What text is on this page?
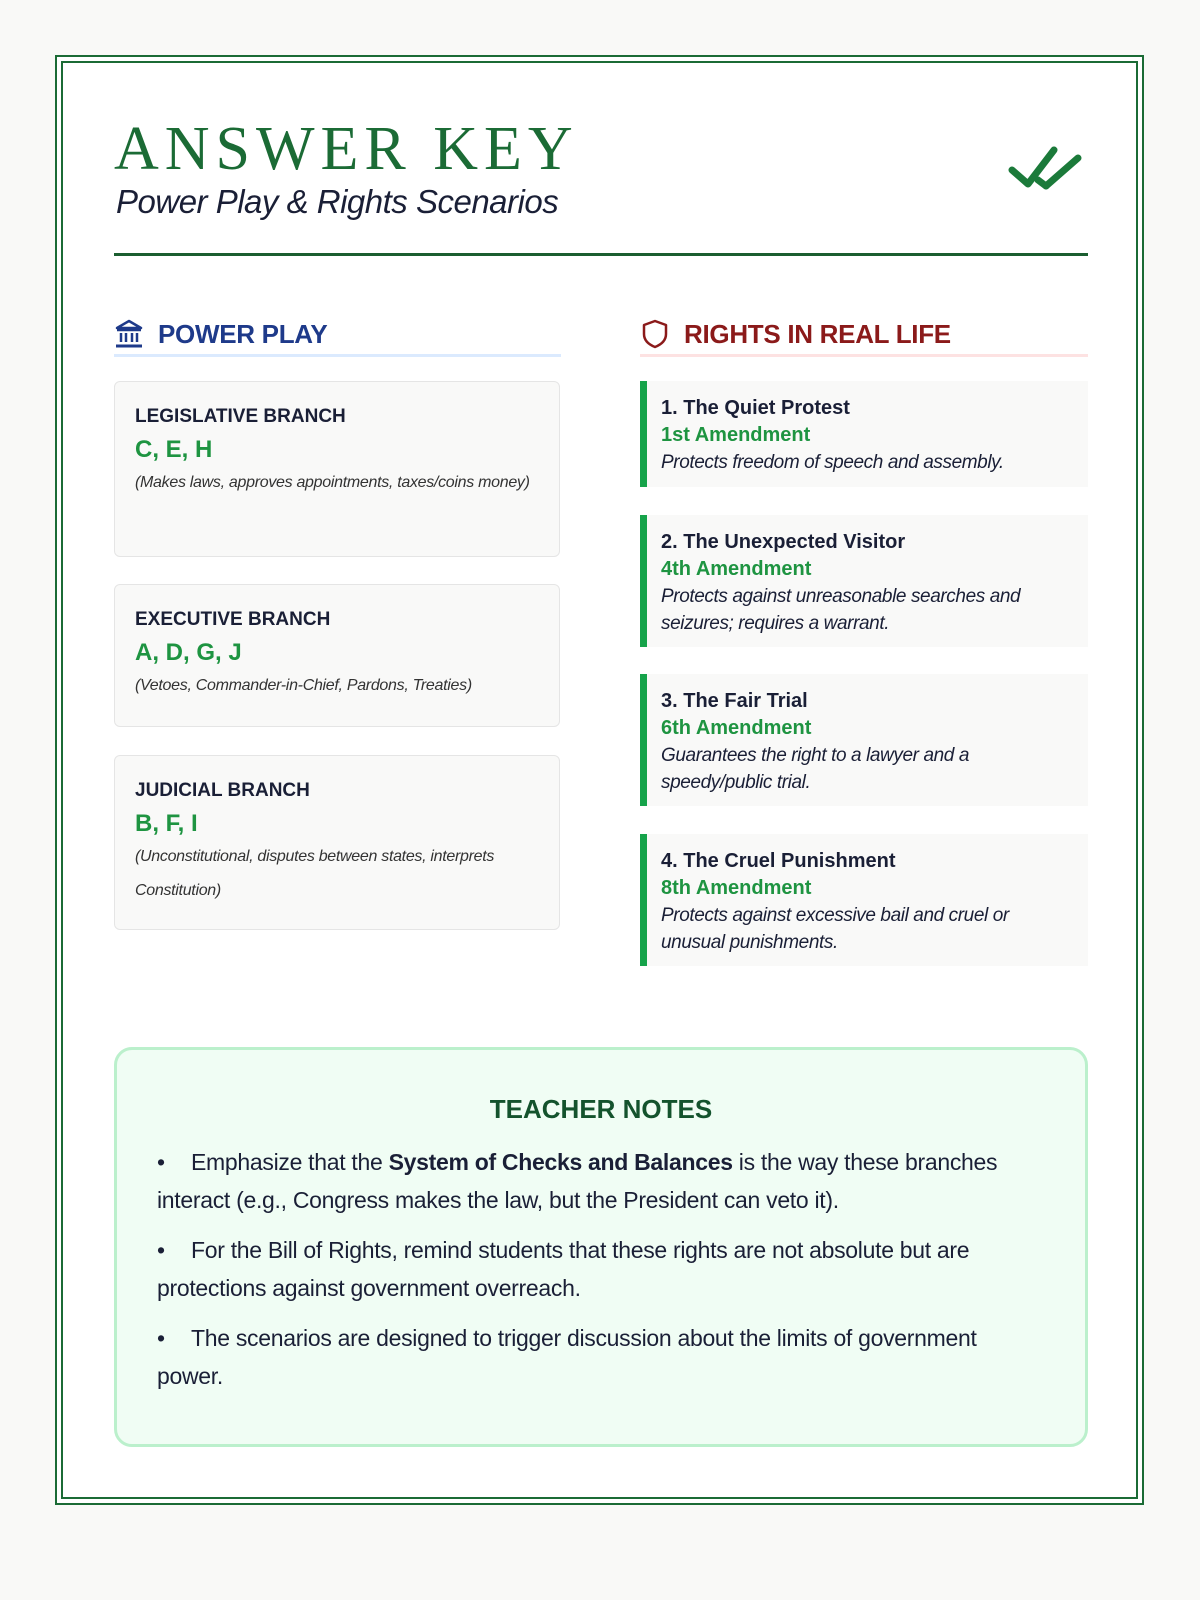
ANSWER KEY
Power Play & Rights Scenarios
POWER PLAY	RIGHTS IN REAL LIFE
LEGISLATIVE BRANCH
C, E, H
(Makes laws, approves appointments, taxes/coins money)
EXECUTIVE BRANCH
A, D, G, J
(Vetoes, Commander-in-Chief, Pardons, Treaties)
JUDICIAL BRANCH
B, F, I
(Unconstitutional, disputes between states, interprets Constitution)
1. The Quiet Protest
1st Amendment
Protects freedom of speech and assembly.
2. The Unexpected Visitor
4th Amendment
Protects against unreasonable searches and seizures; requires a warrant.
3. The Fair Trial
6th Amendment
Guarantees the right to a lawyer and a speedy/public trial.
4. The Cruel Punishment
8th Amendment
Protects against excessive bail and cruel or unusual punishments.
TEACHER NOTES
• Emphasize that the System of Checks and Balances is the way these branches interact (e.g., Congress makes the law, but the President can veto it).
• For the Bill of Rights, remind students that these rights are not absolute but are protections against government overreach.
• The scenarios are designed to trigger discussion about the limits of government power.
